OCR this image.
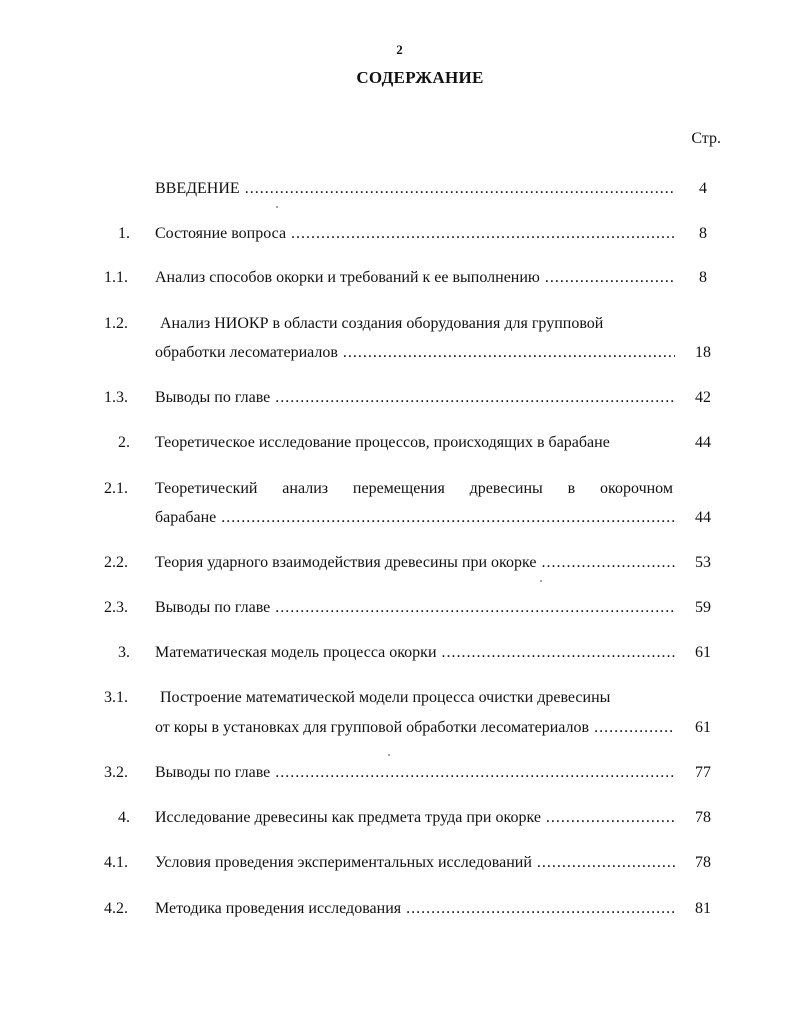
2
СОДЕРЖАНИЕ
Стр.
ВВЕДЕНИЕ .....	4
1.	Состояние вопроса .....	8
1.1.	Анализ способов окорки и требований к ее выполнению .....	8
1.2.	Анализ НИОКР в области создания оборудования для групповой
обработки лесоматериалов .....	18
1.3.	Выводы по главе .....	42
2.	Теоретическое исследование процессов, происходящих в барабане	44
2.1.	Теоретический анализ перемещения древесины в окорочном
барабане .....	44
2.2.	Теория ударного взаимодействия древесины при окорке .....	53
2.3.	Выводы по главе .....	59
3.	Математическая модель процесса окорки .....	61
3.1.	Построение математической модели процесса очистки древесины
от коры в установках для групповой обработки лесоматериалов .....	61
3.2.	Выводы по главе .....	77
4.	Исследование древесины как предмета труда при окорке .....	78
4.1.	Условия проведения экспериментальных исследований .....	78
4.2.	Методика проведения исследования .....	81
